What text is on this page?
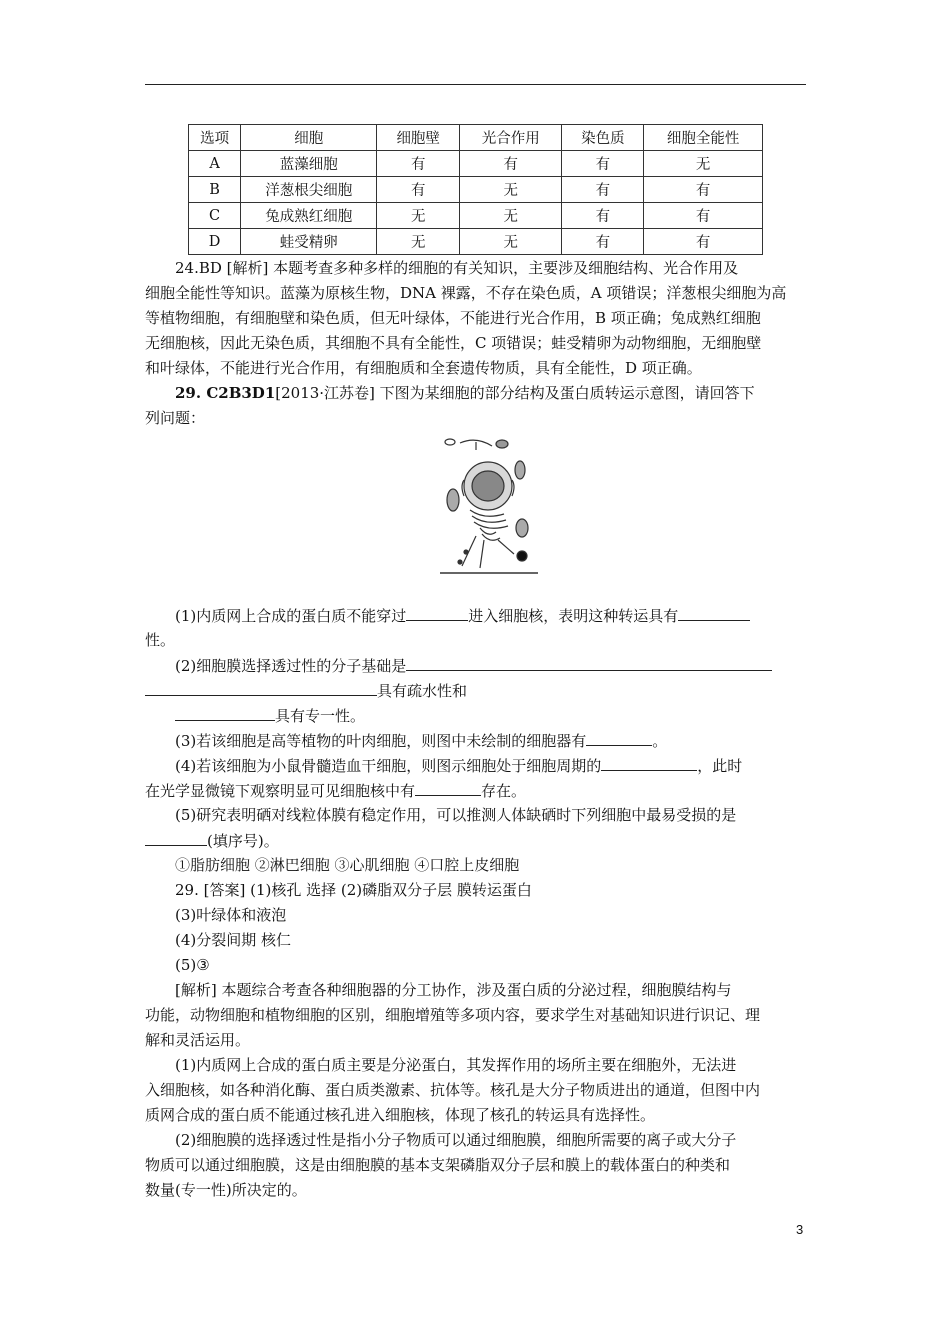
选项	细胞	细胞壁	光合作用	染色质	细胞全能性
A	蓝藻细胞	有	有	有	无
B	洋葱根尖细胞	有	无	有	有
C	兔成熟红细胞	无	无	有	有
D	蛙受精卵	无	无	有	有
24.BD [解析] 本题考查多种多样的细胞的有关知识，主要涉及细胞结构、光合作用及
细胞全能性等知识。蓝藻为原核生物，DNA 裸露，不存在染色质，A 项错误；洋葱根尖细胞为高
等植物细胞，有细胞壁和染色质，但无叶绿体，不能进行光合作用，B 项正确；兔成熟红细胞
无细胞核，因此无染色质，其细胞不具有全能性，C 项错误；蛙受精卵为动物细胞，无细胞壁
和叶绿体，不能进行光合作用，有细胞质和全套遗传物质，具有全能性，D 项正确。
29. C2B3D1[2013·江苏卷] 下图为某细胞的部分结构及蛋白质转运示意图，请回答下
列问题：
(1)内质网上合成的蛋白质不能穿过	进入细胞核，表明这种转运具有
性。
(2)细胞膜选择透过性的分子基础是
具有疏水性和
具有专一性。
(3)若该细胞是高等植物的叶肉细胞，则图中未绘制的细胞器有	。
(4)若该细胞为小鼠骨髓造血干细胞，则图示细胞处于细胞周期的	，此时
在光学显微镜下观察明显可见细胞核中有	存在。
(5)研究表明硒对线粒体膜有稳定作用，可以推测人体缺硒时下列细胞中最易受损的是
(填序号)。
①脂肪细胞 ②淋巴细胞 ③心肌细胞 ④口腔上皮细胞
29. [答案] (1)核孔 选择 (2)磷脂双分子层 膜转运蛋白
(3)叶绿体和液泡
(4)分裂间期 核仁
(5)③
[解析] 本题综合考查各种细胞器的分工协作，涉及蛋白质的分泌过程，细胞膜结构与
功能，动物细胞和植物细胞的区别，细胞增殖等多项内容，要求学生对基础知识进行识记、理
解和灵活运用。
(1)内质网上合成的蛋白质主要是分泌蛋白，其发挥作用的场所主要在细胞外，无法进
入细胞核，如各种消化酶、蛋白质类激素、抗体等。核孔是大分子物质进出的通道，但图中内
质网合成的蛋白质不能通过核孔进入细胞核，体现了核孔的转运具有选择性。
(2)细胞膜的选择透过性是指小分子物质可以通过细胞膜，细胞所需要的离子或大分子
物质可以通过细胞膜，这是由细胞膜的基本支架磷脂双分子层和膜上的载体蛋白的种类和
数量(专一性)所决定的。
3
